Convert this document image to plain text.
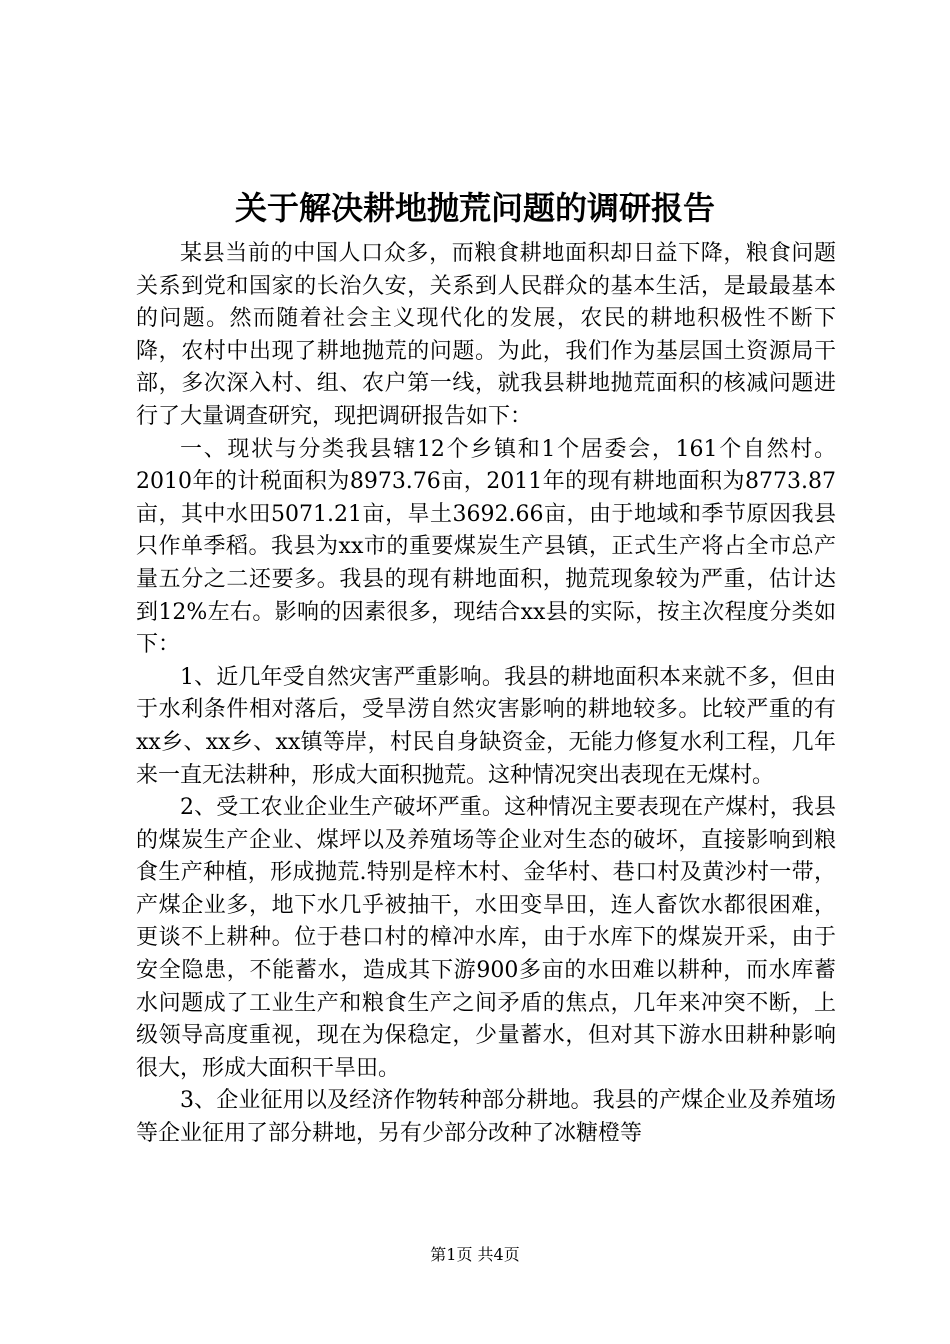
关于解决耕地抛荒问题的调研报告

某县当前的中国人口众多，而粮食耕地面积却日益下降，粮食问题关系到党和国家的长治久安，关系到人民群众的基本生活，是最最基本的问题。然而随着社会主义现代化的发展，农民的耕地积极性不断下降，农村中出现了耕地抛荒的问题。为此，我们作为基层国土资源局干部，多次深入村、组、农户第一线，就我县耕地抛荒面积的核减问题进行了大量调查研究，现把调研报告如下：

一、现状与分类我县辖12个乡镇和1个居委会，161个自然村。2010年的计税面积为8973.76亩，2011年的现有耕地面积为8773.87亩，其中水田5071.21亩，旱土3692.66亩，由于地域和季节原因我县只作单季稻。我县为xx市的重要煤炭生产县镇，正式生产将占全市总产量五分之二还要多。我县的现有耕地面积，抛荒现象较为严重，估计达到12%左右。影响的因素很多，现结合xx县的实际，按主次程度分类如下：

1、近几年受自然灾害严重影响。我县的耕地面积本来就不多，但由于水利条件相对落后，受旱涝自然灾害影响的耕地较多。比较严重的有xx乡、xx乡、xx镇等岸，村民自身缺资金，无能力修复水利工程，几年来一直无法耕种，形成大面积抛荒。这种情况突出表现在无煤村。

2、受工农业企业生产破坏严重。这种情况主要表现在产煤村，我县的煤炭生产企业、煤坪以及养殖场等企业对生态的破坏，直接影响到粮食生产种植，形成抛荒.特别是梓木村、金华村、巷口村及黄沙村一带，产煤企业多，地下水几乎被抽干，水田变旱田，连人畜饮水都很困难，更谈不上耕种。位于巷口村的樟冲水库，由于水库下的煤炭开采，由于安全隐患，不能蓄水，造成其下游900多亩的水田难以耕种，而水库蓄水问题成了工业生产和粮食生产之间矛盾的焦点，几年来冲突不断，上级领导高度重视，现在为保稳定，少量蓄水，但对其下游水田耕种影响很大，形成大面积干旱田。

3、企业征用以及经济作物转种部分耕地。我县的产煤企业及养殖场等企业征用了部分耕地，另有少部分改种了冰糖橙等

第1页 共4页
